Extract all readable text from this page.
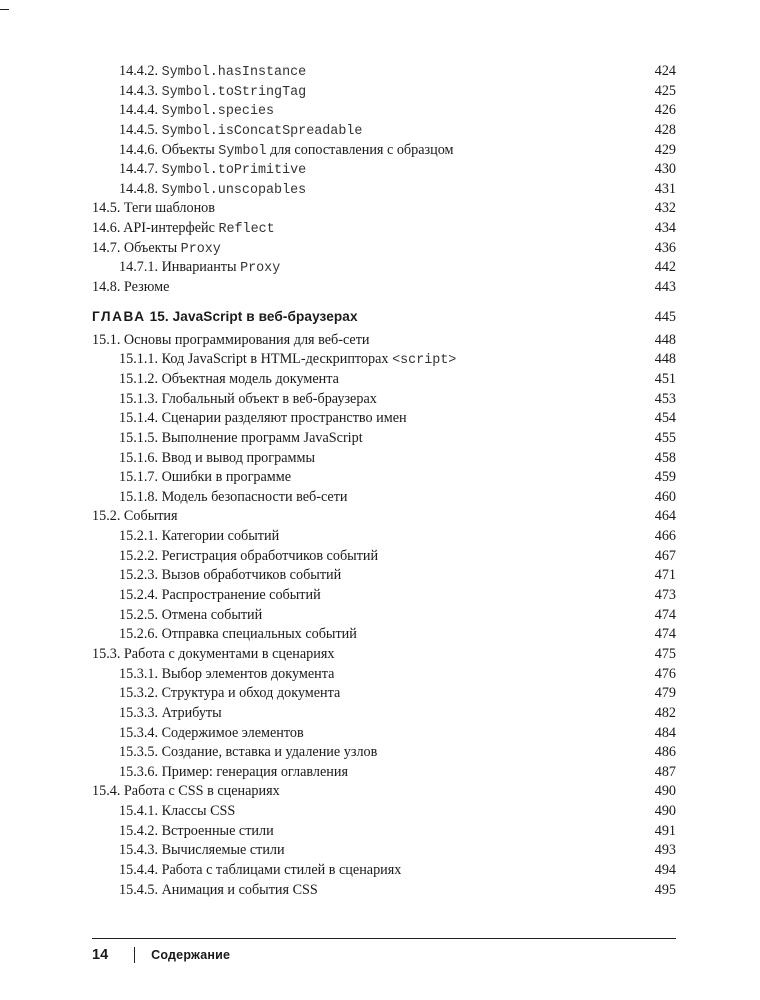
14.4.2. Symbol.hasInstance	424
14.4.3. Symbol.toStringTag	425
14.4.4. Symbol.species	426
14.4.5. Symbol.isConcatSpreadable	428
14.4.6. Объекты Symbol для сопоставления с образцом	429
14.4.7. Symbol.toPrimitive	430
14.4.8. Symbol.unscopables	431
14.5. Теги шаблонов	432
14.6. API-интерфейс Reflect	434
14.7. Объекты Proxy	436
14.7.1. Инварианты Proxy	442
14.8. Резюме	443
ГЛАВА 15. JavaScript в веб-браузерах	445
15.1. Основы программирования для веб-сети	448
15.1.1. Код JavaScript в HTML-дескрипторах <script>	448
15.1.2. Объектная модель документа	451
15.1.3. Глобальный объект в веб-браузерах	453
15.1.4. Сценарии разделяют пространство имен	454
15.1.5. Выполнение программ JavaScript	455
15.1.6. Ввод и вывод программы	458
15.1.7. Ошибки в программе	459
15.1.8. Модель безопасности веб-сети	460
15.2. События	464
15.2.1. Категории событий	466
15.2.2. Регистрация обработчиков событий	467
15.2.3. Вызов обработчиков событий	471
15.2.4. Распространение событий	473
15.2.5. Отмена событий	474
15.2.6. Отправка специальных событий	474
15.3. Работа с документами в сценариях	475
15.3.1. Выбор элементов документа	476
15.3.2. Структура и обход документа	479
15.3.3. Атрибуты	482
15.3.4. Содержимое элементов	484
15.3.5. Создание, вставка и удаление узлов	486
15.3.6. Пример: генерация оглавления	487
15.4. Работа с CSS в сценариях	490
15.4.1. Классы CSS	490
15.4.2. Встроенные стили	491
15.4.3. Вычисляемые стили	493
15.4.4. Работа с таблицами стилей в сценариях	494
15.4.5. Анимация и события CSS	495
14	Содержание
